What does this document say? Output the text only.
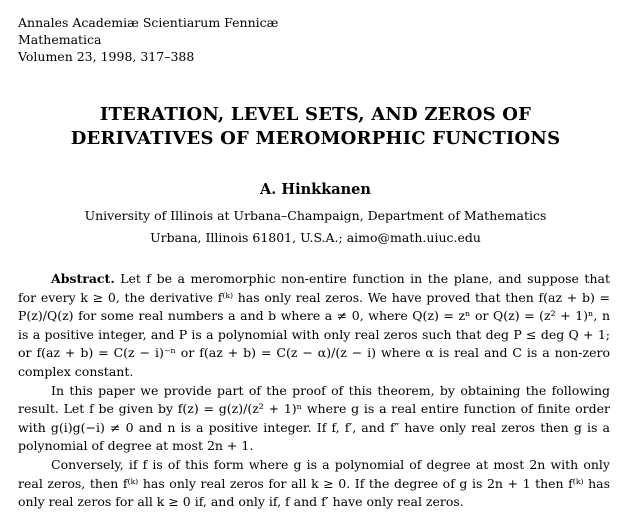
Annales Academiæ Scientiarum Fennicæ
Mathematica
Volumen 23, 1998, 317–388
ITERATION, LEVEL SETS, AND ZEROS OF
DERIVATIVES OF MEROMORPHIC FUNCTIONS
A. Hinkkanen
University of Illinois at Urbana–Champaign, Department of Mathematics
Urbana, Illinois 61801, U.S.A.; aimo@math.uiuc.edu

Abstract. Let f be a meromorphic non-entire function in the plane, and suppose that for every k ≥ 0, the derivative f⁽ᵏ⁾ has only real zeros. We have proved that then f(az + b) = P(z)/Q(z) for some real numbers a and b where a ≠ 0, where Q(z) = zⁿ or Q(z) = (z² + 1)ⁿ, n is a positive integer, and P is a polynomial with only real zeros such that deg P ≤ deg Q + 1; or f(az + b) = C(z − i)⁻ⁿ or f(az + b) = C(z − α)/(z − i) where α is real and C is a non-zero complex constant.

In this paper we provide part of the proof of this theorem, by obtaining the following result. Let f be given by f(z) = g(z)/(z² + 1)ⁿ where g is a real entire function of finite order with g(i)g(−i) ≠ 0 and n is a positive integer. If f, f′, and f″ have only real zeros then g is a polynomial of degree at most 2n + 1.

Conversely, if f is of this form where g is a polynomial of degree at most 2n with only real zeros, then f⁽ᵏ⁾ has only real zeros for all k ≥ 0. If the degree of g is 2n + 1 then f⁽ᵏ⁾ has only real zeros for all k ≥ 0 if, and only if, f and f′ have only real zeros.
